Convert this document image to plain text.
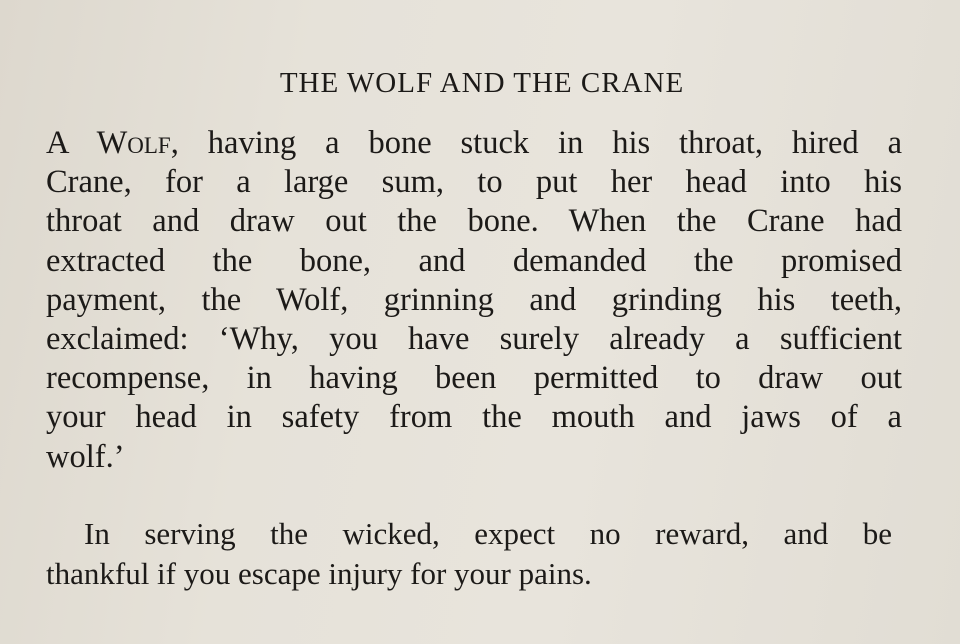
THE WOLF AND THE CRANE
A Wolf, having a bone stuck in his throat, hired a
Crane, for a large sum, to put her head into his
throat and draw out the bone. When the Crane had
extracted the bone, and demanded the promised
payment, the Wolf, grinning and grinding his teeth,
exclaimed: ‘Why, you have surely already a sufficient
recompense, in having been permitted to draw out
your head in safety from the mouth and jaws of a
wolf.’
In serving the wicked, expect no reward, and be
thankful if you escape injury for your pains.
